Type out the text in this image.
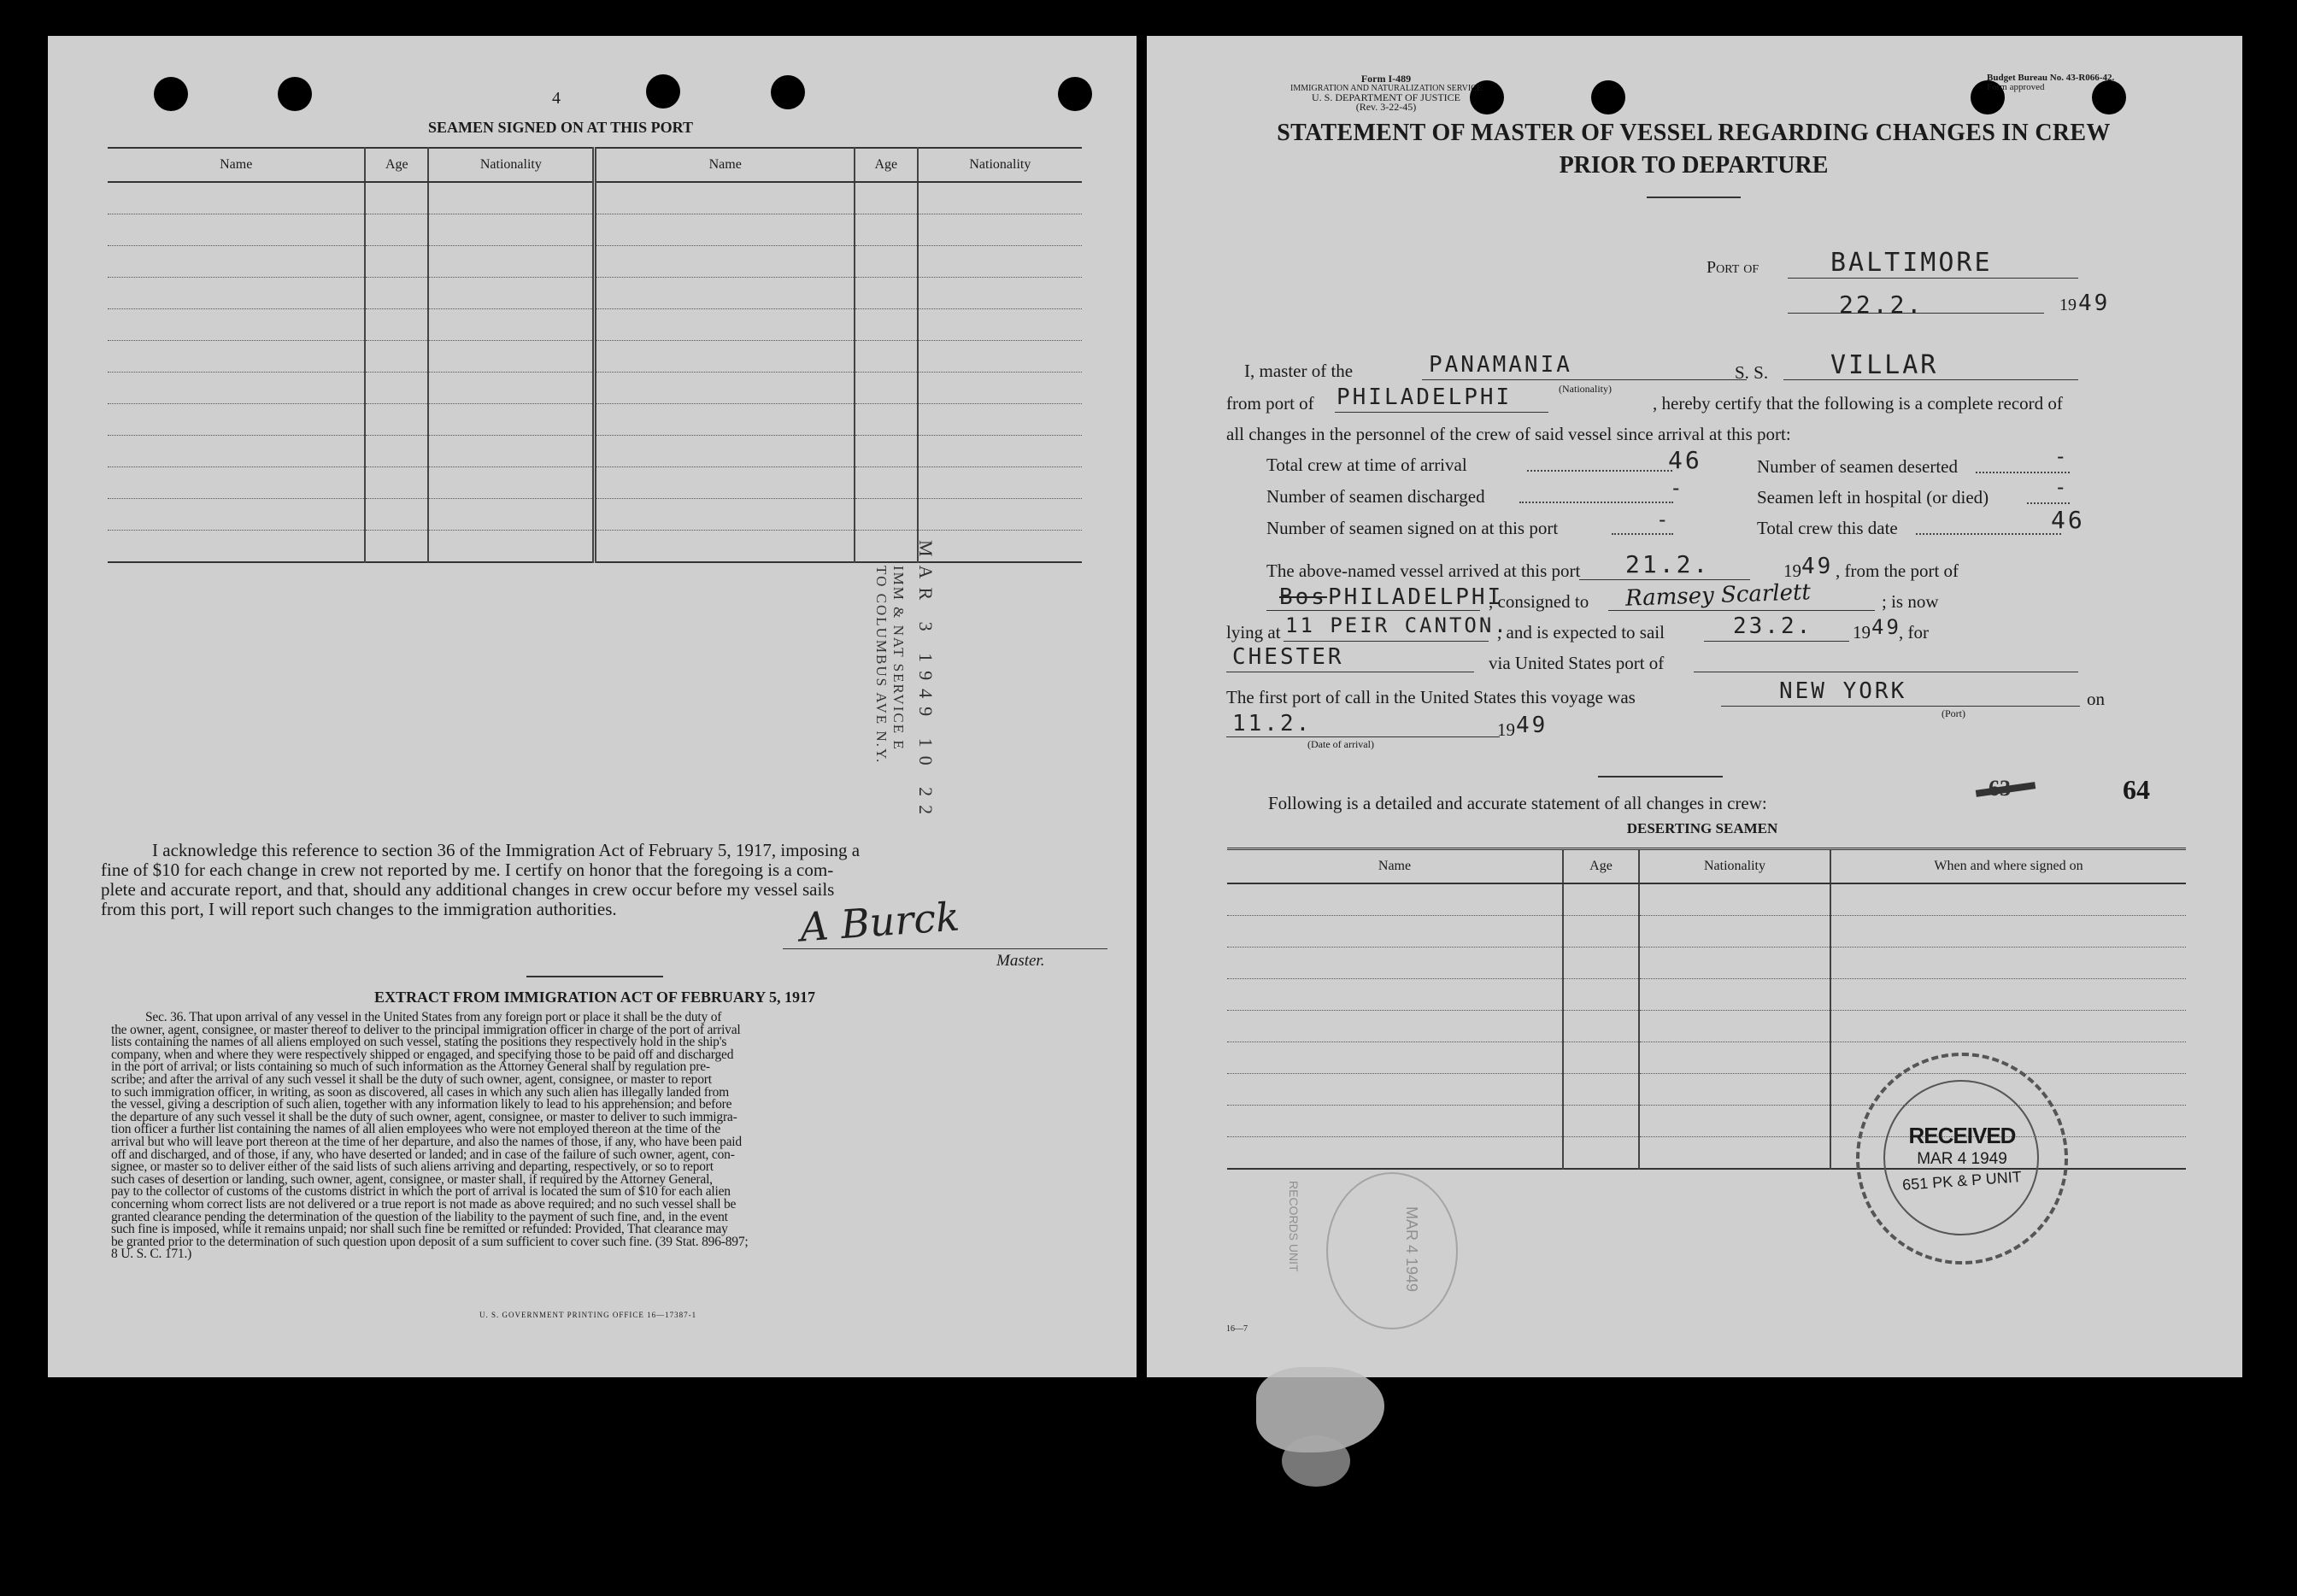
4
SEAMEN SIGNED ON AT THIS PORT
Name	Age	Nationality	Name	Age	Nationality

IMM & NAT SERVICE E
TO COLUMBUS AVE N.Y. MAR 3 1949 10 22
I acknowledge this reference to section 36 of the Immigration Act of February 5, 1917, imposing a
fine of $10 for each change in crew not reported by me. I certify on honor that the foregoing is a com-
plete and accurate report, and that, should any additional changes in crew occur before my vessel sails
from this port, I will report such changes to the immigration authorities.	A Burck
Master.
EXTRACT FROM IMMIGRATION ACT OF FEBRUARY 5, 1917
Sec. 36. That upon arrival of any vessel in the United States from any foreign port or place it shall be the duty of
the owner, agent, consignee, or master thereof to deliver to the principal immigration officer in charge of the port of arrival
lists containing the names of all aliens employed on such vessel, stating the positions they respectively hold in the ship's
company, when and where they were respectively shipped or engaged, and specifying those to be paid off and discharged
in the port of arrival; or lists containing so much of such information as the Attorney General shall by regulation pre-
scribe; and after the arrival of any such vessel it shall be the duty of such owner, agent, consignee, or master to report
to such immigration officer, in writing, as soon as discovered, all cases in which any such alien has illegally landed from
the vessel, giving a description of such alien, together with any information likely to lead to his apprehension; and before
the departure of any such vessel it shall be the duty of such owner, agent, consignee, or master to deliver to such immigra-
tion officer a further list containing the names of all alien employees who were not employed thereon at the time of the
arrival but who will leave port thereon at the time of her departure, and also the names of those, if any, who have been paid
off and discharged, and of those, if any, who have deserted or landed; and in case of the failure of such owner, agent, con-
signee, or master so to deliver either of the said lists of such aliens arriving and departing, respectively, or so to report
such cases of desertion or landing, such owner, agent, consignee, or master shall, if required by the Attorney General,
pay to the collector of customs of the customs district in which the port of arrival is located the sum of $10 for each alien
concerning whom correct lists are not delivered or a true report is not made as above required; and no such vessel shall be
granted clearance pending the determination of the question of the liability to the payment of such fine, and, in the event
such fine is imposed, while it remains unpaid; nor shall such fine be remitted or refunded: Provided, That clearance may
be granted prior to the determination of such question upon deposit of a sum sufficient to cover such fine. (39 Stat. 896-897;
8 U. S. C. 171.)
U. S. GOVERNMENT PRINTING OFFICE 16—17387-1
Form I-489
IMMIGRATION AND NATURALIZATION SERVICE
U. S. DEPARTMENT OF JUSTICE
(Rev. 3-22-45)
Budget Bureau No. 43-R066-42.
Form approved
STATEMENT OF MASTER OF VESSEL REGARDING CHANGES IN CREW
PRIOR TO DEPARTURE
Port of	BALTIMORE
22.2.	19 49
I, master of the	PANAMANIA
(Nationality)
S. S. VILLAR
from port of PHILADELPHI	, hereby certify that the following is a complete record of
all changes in the personnel of the crew of said vessel since arrival at this port:
Total crew at time of arrival	46	Number of seamen deserted	-
Number of seamen discharged	-	Seamen left in hospital (or died)	-
Number of seamen signed on at this port	-	Total crew this date	46
The above-named vessel arrived at this port 21.2.	19 49 , from the port of
Bos PHILADELPHI
, consigned to Ramsey Scarlett	; is now
lying at 11 PEIR CANTON.
, and is expected to sail	23.2. 19 49
, for
CHESTER	via United States port of
The first port of call in the United States this voyage was	NEW YORK
(Port)
on
11.2.
(Date of arrival)
19 49
Following is a detailed and accurate statement of all changes in crew:	64
DESERTING SEAMEN
Name	Age	Nationality	When and where signed on

RECEIVED
MAR 4 1949
651 PK & P UNIT
MAR 4 1949
RECORDS UNIT
16—7
